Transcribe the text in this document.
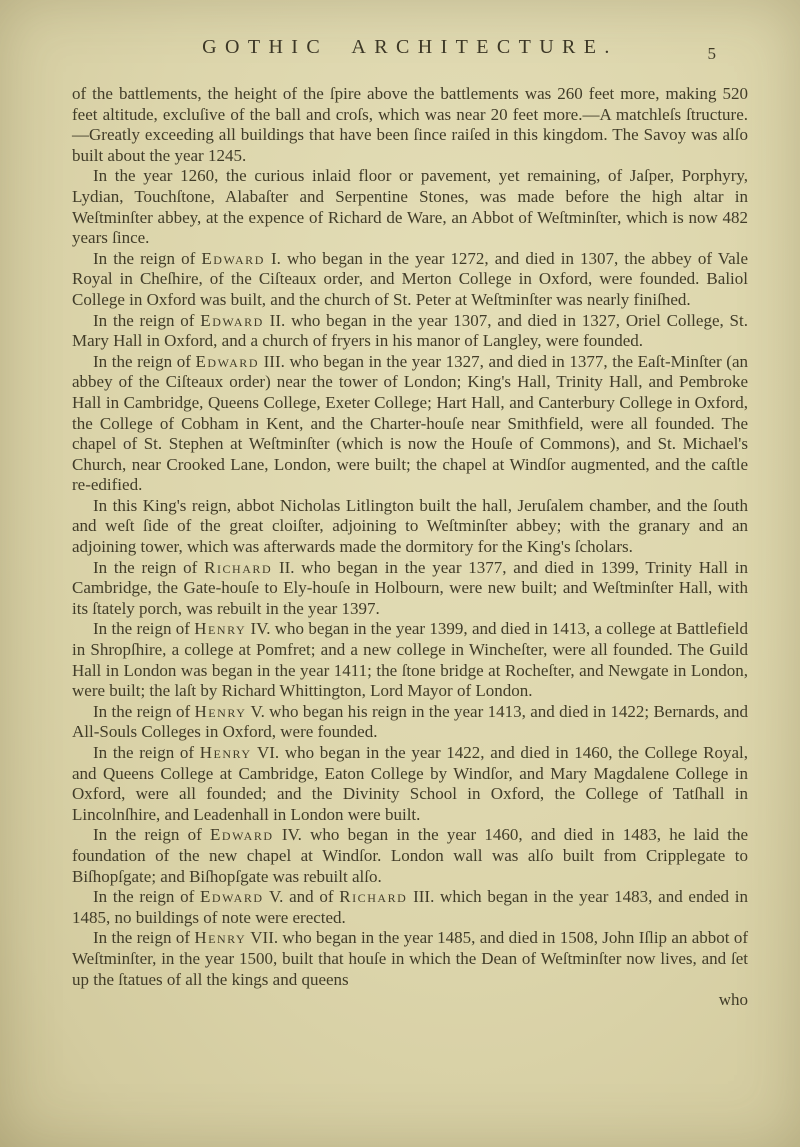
GOTHIC ARCHITECTURE.	5

of the battlements, the height of the ſpire above the battlements was 260 feet more, making 520 feet altitude, excluſive of the ball and croſs, which was near 20 feet more.—A matchleſs ſtructure.—Greatly exceeding all buildings that have been ſince raiſed in this kingdom. The Savoy was alſo built about the year 1245.

In the year 1260, the curious inlaid floor or pavement, yet remaining, of Jaſper, Porphyry, Lydian, Touchſtone, Alabaſter and Serpentine Stones, was made before the high altar in Weſtminſter abbey, at the expence of Richard de Ware, an Abbot of Weſtminſter, which is now 482 years ſince.

In the reign of Edward I. who began in the year 1272, and died in 1307, the abbey of Vale Royal in Cheſhire, of the Ciſteaux order, and Merton College in Oxford, were founded. Baliol College in Oxford was built, and the church of St. Peter at Weſtminſter was nearly finiſhed.

In the reign of Edward II. who began in the year 1307, and died in 1327, Oriel College, St. Mary Hall in Oxford, and a church of fryers in his manor of Langley, were founded.

In the reign of Edward III. who began in the year 1327, and died in 1377, the Eaſt-Minſter (an abbey of the Ciſteaux order) near the tower of London; King's Hall, Trinity Hall, and Pembroke Hall in Cambridge, Queens College, Exeter College; Hart Hall, and Canterbury College in Oxford, the College of Cobham in Kent, and the Charter-houſe near Smithfield, were all founded. The chapel of St. Stephen at Weſtminſter (which is now the Houſe of Commons), and St. Michael's Church, near Crooked Lane, London, were built; the chapel at Windſor augmented, and the caſtle re-edified.

In this King's reign, abbot Nicholas Litlington built the hall, Jeruſalem chamber, and the ſouth and weſt ſide of the great cloiſter, adjoining to Weſtminſter abbey; with the granary and an adjoining tower, which was afterwards made the dormitory for the King's ſcholars.

In the reign of Richard II. who began in the year 1377, and died in 1399, Trinity Hall in Cambridge, the Gate-houſe to Ely-houſe in Holbourn, were new built; and Weſtminſter Hall, with its ſtately porch, was rebuilt in the year 1397.

In the reign of Henry IV. who began in the year 1399, and died in 1413, a college at Battlefield in Shropſhire, a college at Pomfret; and a new college in Wincheſter, were all founded. The Guild Hall in London was began in the year 1411; the ſtone bridge at Rocheſter, and Newgate in London, were built; the laſt by Richard Whittington, Lord Mayor of London.

In the reign of Henry V. who began his reign in the year 1413, and died in 1422; Bernards, and All-Souls Colleges in Oxford, were founded.

In the reign of Henry VI. who began in the year 1422, and died in 1460, the College Royal, and Queens College at Cambridge, Eaton College by Windſor, and Mary Magdalene College in Oxford, were all founded; and the Divinity School in Oxford, the College of Tatſhall in Lincolnſhire, and Leadenhall in London were built.

In the reign of Edward IV. who began in the year 1460, and died in 1483, he laid the foundation of the new chapel at Windſor. London wall was alſo built from Cripplegate to Biſhopſgate; and Biſhopſgate was rebuilt alſo.

In the reign of Edward V. and of Richard III. which began in the year 1483, and ended in 1485, no buildings of note were erected.

In the reign of Henry VII. who began in the year 1485, and died in 1508, John Iſlip an abbot of Weſtminſter, in the year 1500, built that houſe in which the Dean of Weſtminſter now lives, and ſet up the ſtatues of all the kings and queens

who
